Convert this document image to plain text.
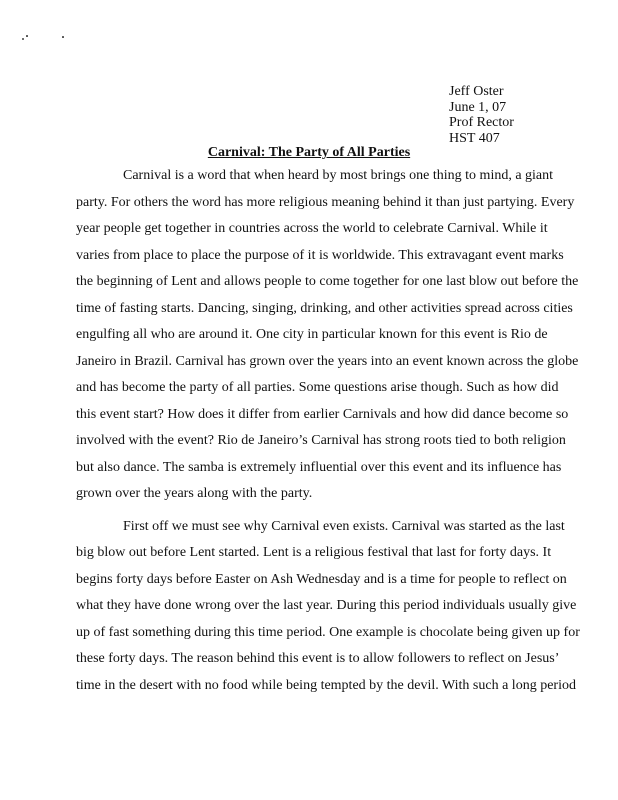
Jeff Oster
June 1, 07
Prof Rector
HST 407
Carnival: The Party of All Parties
Carnival is a word that when heard by most brings one thing to mind, a giant
party. For others the word has more religious meaning behind it than just partying. Every
year people get together in countries across the world to celebrate Carnival. While it
varies from place to place the purpose of it is worldwide. This extravagant event marks
the beginning of Lent and allows people to come together for one last blow out before the
time of fasting starts. Dancing, singing, drinking, and other activities spread across cities
engulfing all who are around it. One city in particular known for this event is Rio de
Janeiro in Brazil. Carnival has grown over the years into an event known across the globe
and has become the party of all parties. Some questions arise though. Such as how did
this event start? How does it differ from earlier Carnivals and how did dance become so
involved with the event? Rio de Janeiro’s Carnival has strong roots tied to both religion
but also dance. The samba is extremely influential over this event and its influence has
grown over the years along with the party.
First off we must see why Carnival even exists. Carnival was started as the last
big blow out before Lent started. Lent is a religious festival that last for forty days. It
begins forty days before Easter on Ash Wednesday and is a time for people to reflect on
what they have done wrong over the last year. During this period individuals usually give
up of fast something during this time period. One example is chocolate being given up for
these forty days. The reason behind this event is to allow followers to reflect on Jesus’
time in the desert with no food while being tempted by the devil. With such a long period
